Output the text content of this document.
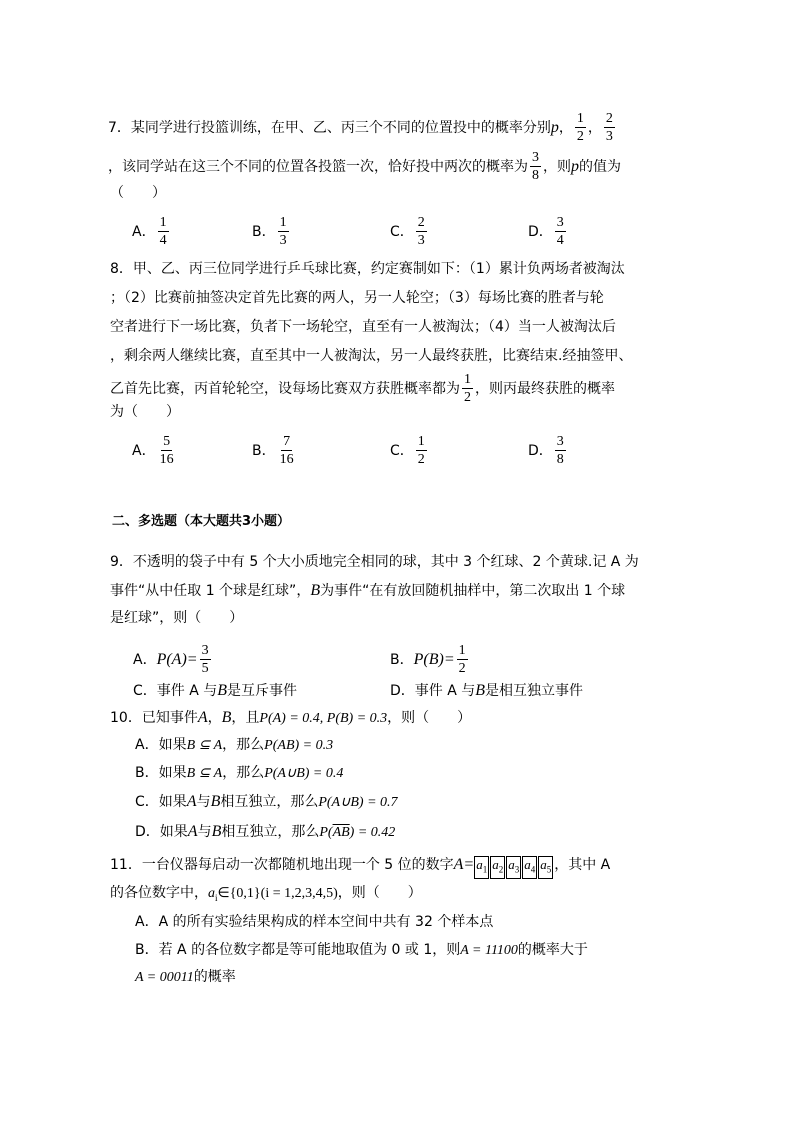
7．某同学进行投篮训练，在甲、乙、丙三个不同的位置投中的概率分别p， $\frac{1}{2}$ ， $\frac{2}{3}$
，该同学站在这三个不同的位置各投篮一次，恰好投中两次的概率为 $\frac{3}{8}$ ，则p的值为
（　　）
A． $\frac{1}{4}$	B． $\frac{1}{3}$	C． $\frac{2}{3}$	D． $\frac{3}{4}$
8．甲、乙、丙三位同学进行乒乓球比赛，约定赛制如下：（1）累计负两场者被淘汰
；（2）比赛前抽签决定首先比赛的两人，另一人轮空；（3）每场比赛的胜者与轮
空者进行下一场比赛，负者下一场轮空，直至有一人被淘汰；（4）当一人被淘汰后
，剩余两人继续比赛，直至其中一人被淘汰，另一人最终获胜，比赛结束.经抽签甲、
乙首先比赛，丙首轮轮空，设每场比赛双方获胜概率都为 $\frac{1}{2}$ ，则丙最终获胜的概率
为（　　）
A． $\frac{5}{16}$	B． $\frac{7}{16}$	C． $\frac{1}{2}$	D． $\frac{3}{8}$
二、多选题（本大题共3小题）
9．不透明的袋子中有 5 个大小质地完全相同的球，其中 3 个红球、2 个黄球.记 A 为
事件“从中任取 1 个球是红球”，B为事件“在有放回随机抽样中，第二次取出 1 个球
是红球”，则（　　）
A．$P(A)= \frac{3}{5}$	B．$P(B)= \frac{1}{2}$
C．事件 A 与B是互斥事件	D．事件 A 与B是相互独立事件
10．已知事件A，B，且P(A) = 0.4, P(B) = 0.3，则（　　）
A．如果B ⊆ A，那么P(AB) = 0.3
B．如果B ⊆ A，那么P(A∪B) = 0.4
C．如果A与B相互独立，那么P(A∪B) = 0.7
D．如果A与B相互独立，那么$P(\overline{AB}) = 0.42$
11．一台仪器每启动一次都随机地出现一个 5 位的数字$A= a_1$ $a_2$ $a_3$ $a_4$ $a_5$ ，其中 A
的各位数字中，$a_i\in\{0,1\}(i = 1,2,3,4,5)$，则（　　）
A．A 的所有实验结果构成的样本空间中共有 32 个样本点
B．若 A 的各位数字都是等可能地取值为 0 或 1，则A = 11100的概率大于
A = 00011的概率
